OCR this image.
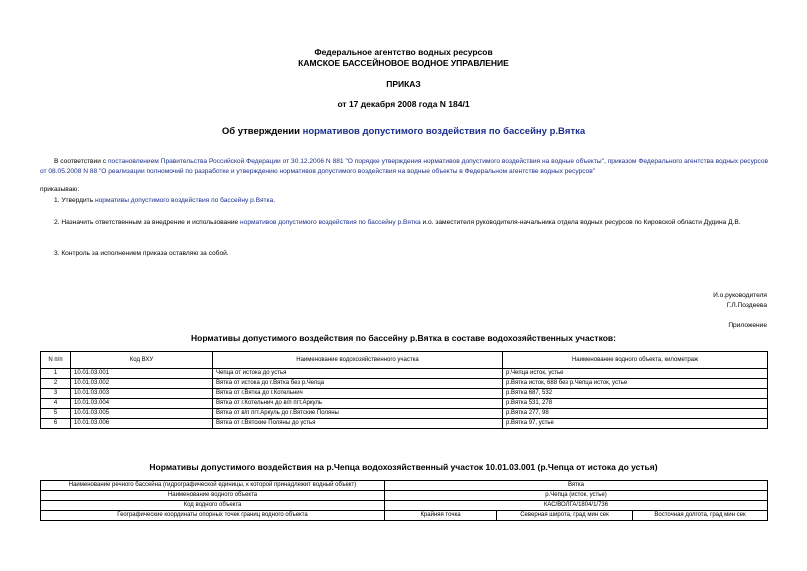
Федеральное агентство водных ресурсов
КАМСКОЕ БАССЕЙНОВОЕ ВОДНОЕ УПРАВЛЕНИЕ
ПРИКАЗ
от 17 декабря 2008 года N 184/1
Об утверждении нормативов допустимого воздействия по бассейну р.Вятка
В соответствии с постановлением Правительства Российской Федерации от 30.12.2006 N 881 "О порядке утверждения нормативов допустимого воздействия на водные объекты", приказом Федерального агентства водных ресурсов от 08.05.2008 N 88 "О реализации полномочий по разработке и утверждению нормативов допустимого воздействия на водные объекты в Федеральном агентстве водных ресурсов"
приказываю:
1. Утвердить нормативы допустимого воздействия по бассейну р.Вятка.
2. Назначить ответственным за внедрение и использование нормативов допустимого воздействия по бассейну р.Вятка и.о. заместителя руководителя-начальника отдела водных ресурсов по Кировской области Дудина Д.В.
3. Контроль за исполнением приказа оставляю за собой.
И.о.руководителя
Г.Л.Поздеева
Приложение
Нормативы допустимого воздействия по бассейну р.Вятка в составе водохозяйственных участков:
N п/п	Код ВХУ	Наименование водохозяйственного участка	Наименование водного объекта, километраж
1	10.01.03.001	Чепца от истока до устья	р.Чепца исток, устье
2	10.01.03.002	Вятка от истока до г.Вятка без р.Чепца	р.Вятка исток, 688 без р.Чепца исток, устье
3	10.01.03.003	Вятка от г.Вятка до г.Котельнич	р.Вятка 687, 532
4	10.01.03.004	Вятка от г.Котельнич до в/п пгт.Аркуль	р.Вятка 531, 278
5	10.01.03.005	Вятка от в/п пгт.Аркуль до г.Вятские Поляны	р.Вятка 277, 98
6	10.01.03.006	Вятка от г.Вятские Поляны до устья	р.Вятка 97, устье
Нормативы допустимого воздействия на р.Чепца водохозяйственный участок 10.01.03.001 (р.Чепца от истока до устья)
Наименование речного бассейна (гидрографической единицы, к которой принадлежит водный объект)	Вятка		
Наименование водного объекта	р.Чепца (исток, устье)		
Код водного объекта	КАС/ВОЛГА/1804/1/736		
Географические координаты опорных точек границ водного объекта	Крайняя точка	Северная широта, град мин сек	Восточная долгота, град мин сек
